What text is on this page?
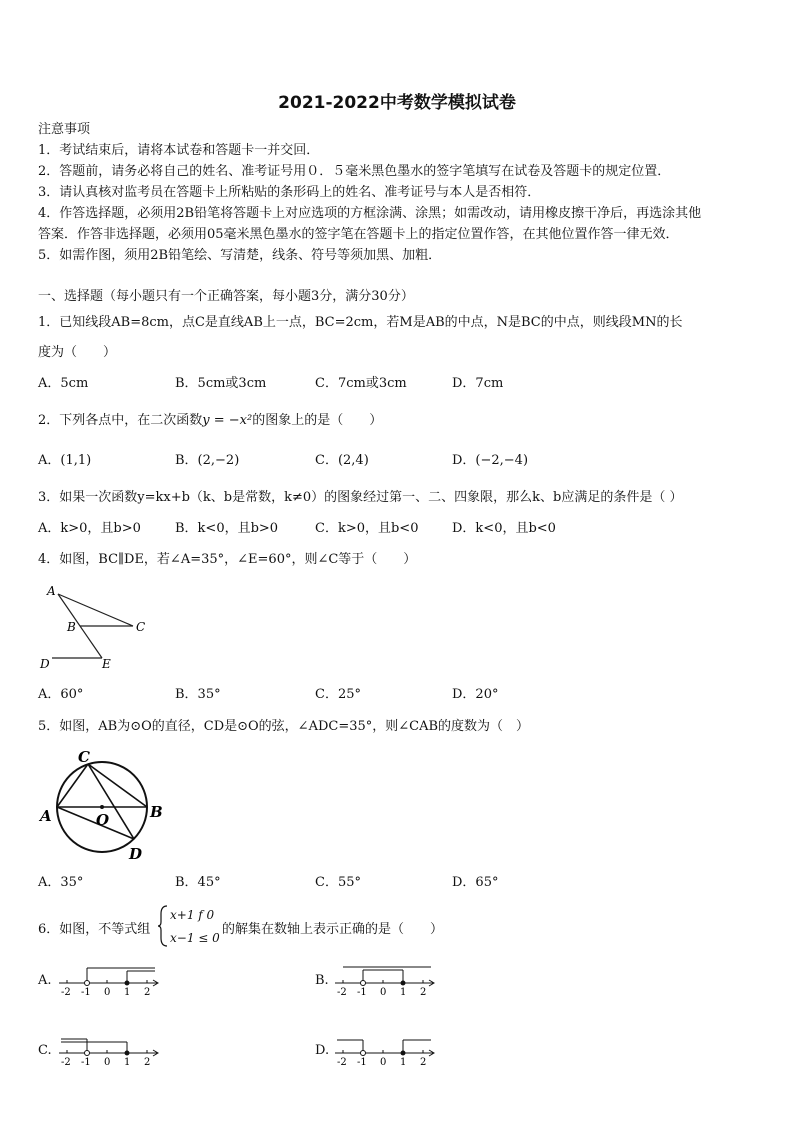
2021-2022中考数学模拟试卷
注意事项
1．考试结束后，请将本试卷和答题卡一并交回．
2．答题前，请务必将自己的姓名、准考证号用０．５毫米黑色墨水的签字笔填写在试卷及答题卡的规定位置．
3．请认真核对监考员在答题卡上所粘贴的条形码上的姓名、准考证号与本人是否相符．
4．作答选择题，必须用2B铅笔将答题卡上对应选项的方框涂满、涂黑；如需改动，请用橡皮擦干净后，再选涂其他
答案．作答非选择题，必须用05毫米黑色墨水的签字笔在答题卡上的指定位置作答，在其他位置作答一律无效．
5．如需作图，须用2B铅笔绘、写清楚，线条、符号等须加黑、加粗．
一、选择题（每小题只有一个正确答案，每小题3分，满分30分）
1．已知线段AB=8cm，点C是直线AB上一点，BC=2cm，若M是AB的中点，N是BC的中点，则线段MN的长
度为（　　）
A．5cm	B．5cm或3cm	C．7cm或3cm	D．7cm
2．下列各点中，在二次函数y = −x²的图象上的是（　　）
A．(1,1)	B．(2,−2)	C．(2,4)	D．(−2,−4)
3．如果一次函数y=kx+b（k、b是常数，k≠0）的图象经过第一、二、四象限，那么k、b应满足的条件是（ ）
A．k>0，且b>0	B．k<0，且b>0	C．k>0，且b<0	D．k<0，且b<0
4．如图，BC∥DE，若∠A=35°，∠E=60°，则∠C等于（　　）
A
B	C
D	E
A．60°	B．35°	C．25°	D．20°
5．如图，AB为⊙O的直径，CD是⊙O的弦，∠ADC=35°，则∠CAB的度数为（　）
C
A	B
D
O
A．35°	B．45°	C．55°	D．65°
6．如图，不等式组
x+1 f 0
x−1 ≤ 0
的解集在数轴上表示正确的是（　　）
A.	B.
C.	D.
-2 -1 0 1 2	-2 -1 0 1 2
-2 -1 0 1 2	-2 -1 0 1 2
